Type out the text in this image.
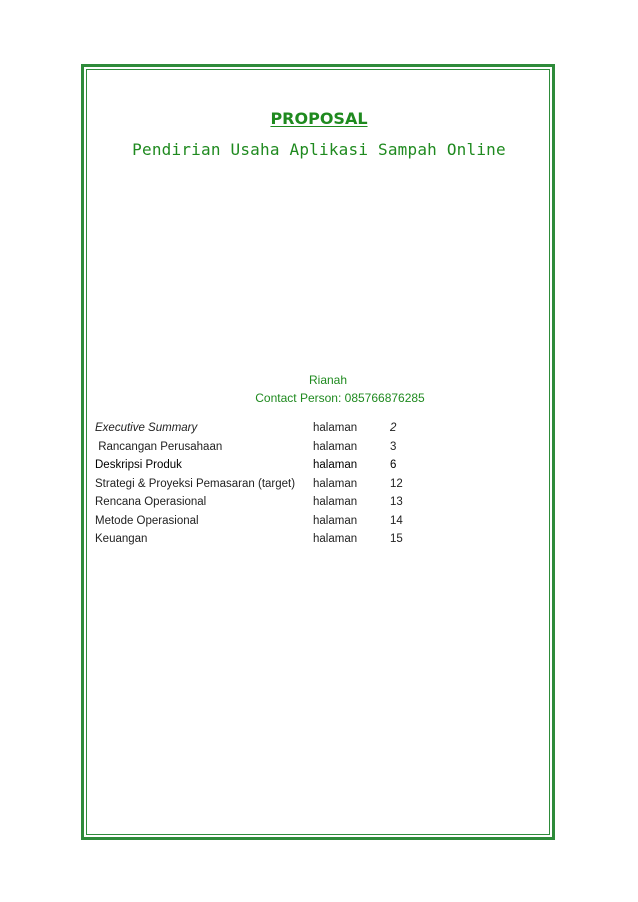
PROPOSAL
Pendirian Usaha Aplikasi Sampah Online
Rianah
Contact Person: 085766876285
Executive Summary	halaman	2
Rancangan Perusahaan	halaman	3
Deskripsi Produk	halaman	6
Strategi & Proyeksi Pemasaran (target) halaman	12
Rencana Operasional	halaman	13
Metode Operasional	halaman	14
Keuangan	halaman	15
